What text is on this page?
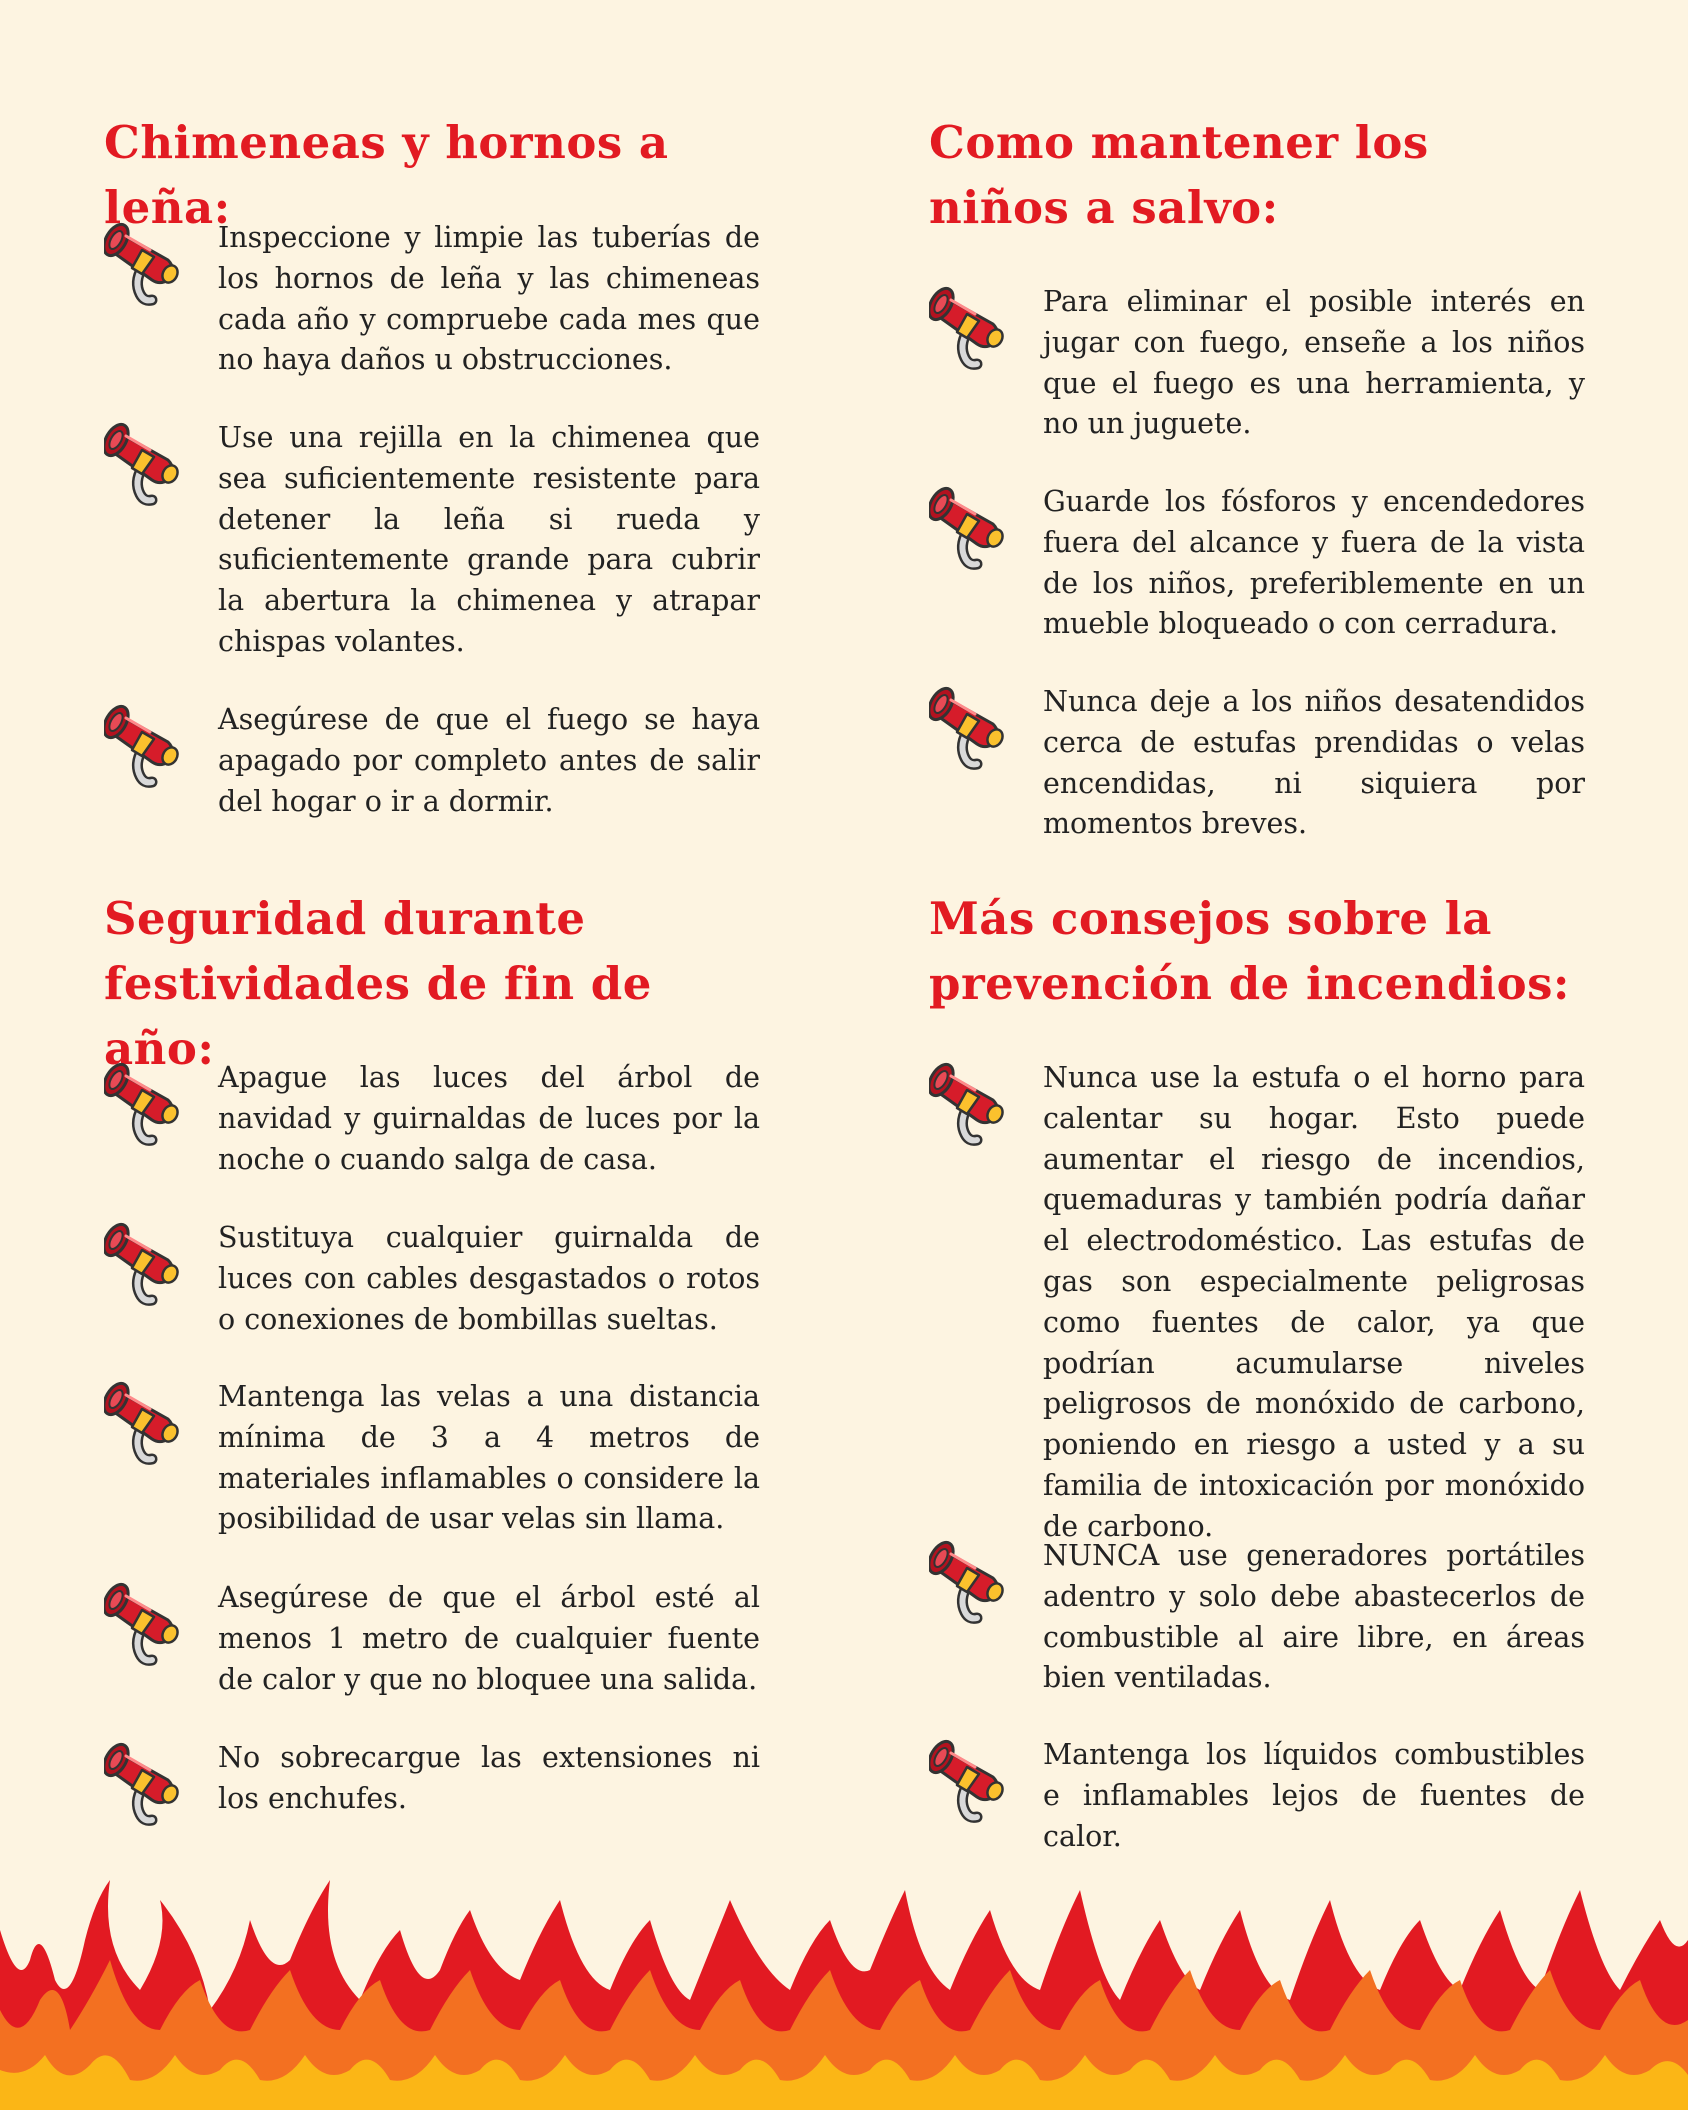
Chimeneas y hornos a leña:

Inspeccione y limpie las tuberías de los hornos de leña y las chimeneas cada año y compruebe cada mes que no haya daños u obstrucciones.

Use una rejilla en la chimenea que sea suficientemente resistente para detener la leña si rueda y suficientemente grande para cubrir la abertura la chimenea y atrapar chispas volantes.

Asegúrese de que el fuego se haya apagado por completo antes de salir del hogar o ir a dormir.

Como mantener los niños a salvo:

Para eliminar el posible interés en jugar con fuego, enseñe a los niños que el fuego es una herramienta, y no un juguete.

Guarde los fósforos y encendedores fuera del alcance y fuera de la vista de los niños, preferiblemente en un mueble bloqueado o con cerradura.

Nunca deje a los niños desatendidos cerca de estufas prendidas o velas encendidas, ni siquiera por momentos breves.

Seguridad durante festividades de fin de año:

Apague las luces del árbol de navidad y guirnaldas de luces por la noche o cuando salga de casa.

Sustituya cualquier guirnalda de luces con cables desgastados o rotos o conexiones de bombillas sueltas.

Mantenga las velas a una distancia mínima de 3 a 4 metros de materiales inflamables o considere la posibilidad de usar velas sin llama.

Asegúrese de que el árbol esté al menos 1 metro de cualquier fuente de calor y que no bloquee una salida.

No sobrecargue las extensiones ni los enchufes.

Más consejos sobre la prevención de incendios:

Nunca use la estufa o el horno para calentar su hogar. Esto puede aumentar el riesgo de incendios, quemaduras y también podría dañar el electrodoméstico. Las estufas de gas son especialmente peligrosas como fuentes de calor, ya que podrían acumularse niveles peligrosos de monóxido de carbono, poniendo en riesgo a usted y a su familia de intoxicación por monóxido de carbono.

NUNCA use generadores portátiles adentro y solo debe abastecerlos de combustible al aire libre, en áreas bien ventiladas.

Mantenga los líquidos combustibles e inflamables lejos de fuentes de calor.
